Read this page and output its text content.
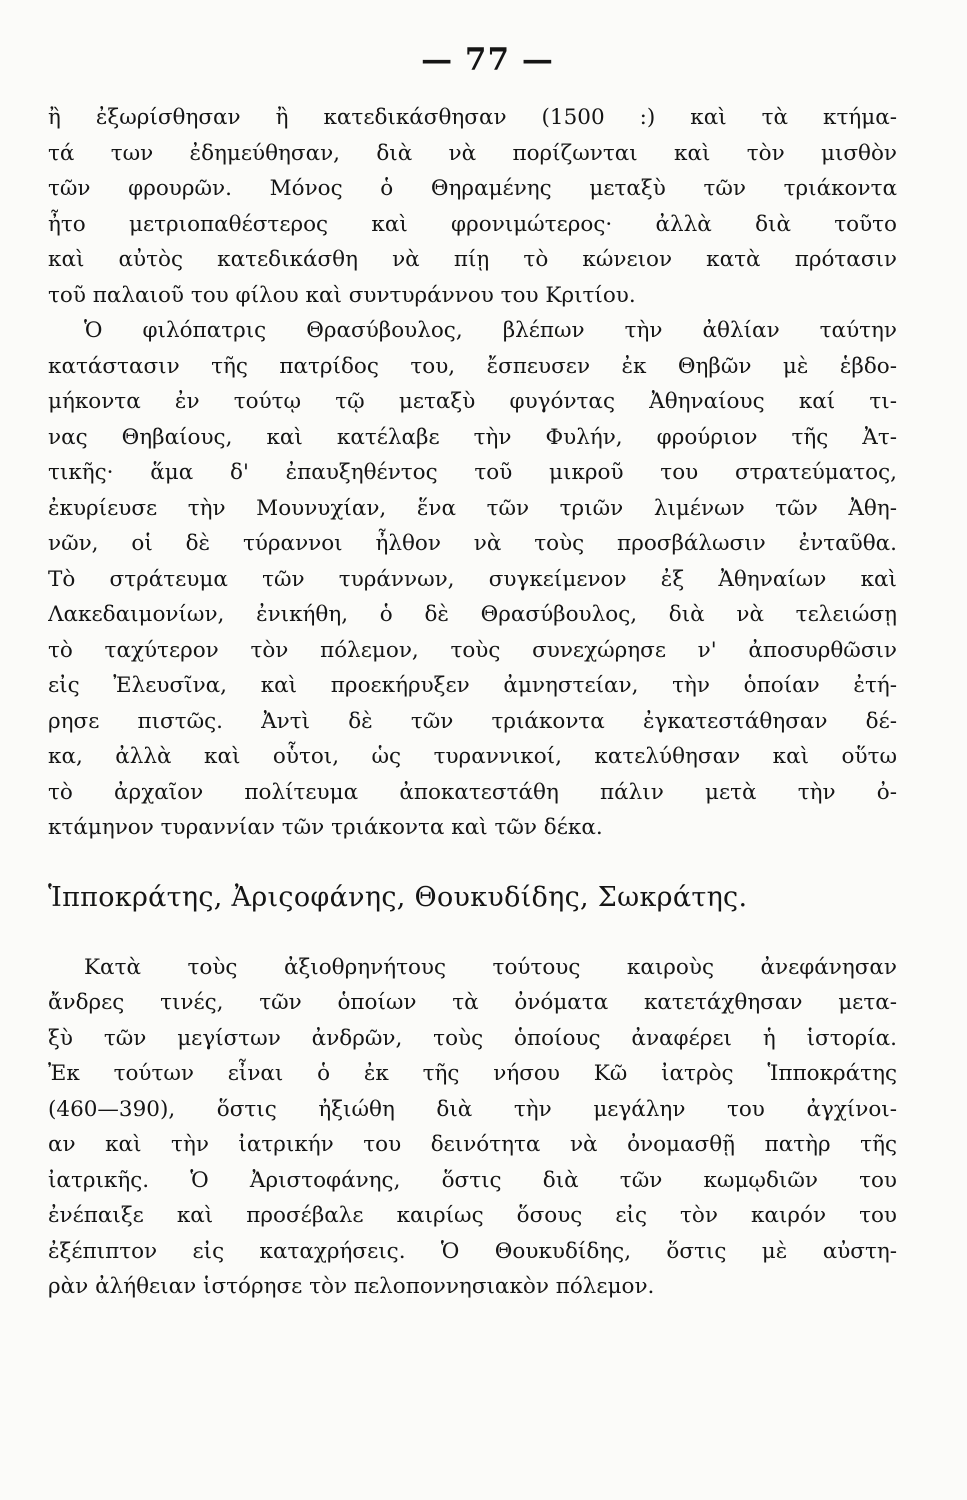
— 77 —
ἢ ἐξωρίσθησαν ἢ κατεδικάσθησαν (1500 :) καὶ τὰ κτήμα-
τά των ἐδημεύθησαν, διὰ νὰ πορίζωνται καὶ τὸν μισθὸν
τῶν φρουρῶν. Μόνος ὁ Θηραμένης μεταξὺ τῶν τριάκοντα
ἦτο μετριοπαθέστερος καὶ φρονιμώτερος· ἀλλὰ διὰ τοῦτο
καὶ αὐτὸς κατεδικάσθη νὰ πίῃ τὸ κώνειον κατὰ πρότασιν
τοῦ παλαιοῦ του φίλου καὶ συντυράννου του Κριτίου.
Ὁ φιλόπατρις Θρασύβουλος, βλέπων τὴν ἀθλίαν ταύτην
κατάστασιν τῆς πατρίδος του, ἔσπευσεν ἐκ Θηβῶν μὲ ἑβδο-
μήκοντα ἐν τούτῳ τῷ μεταξὺ φυγόντας Ἀθηναίους καί τι-
νας Θηβαίους, καὶ κατέλαβε τὴν Φυλήν, φρούριον τῆς Ἀτ-
τικῆς· ἅμα δ' ἐπαυξηθέντος τοῦ μικροῦ του στρατεύματος,
ἐκυρίευσε τὴν Μουνυχίαν, ἕνα τῶν τριῶν λιμένων τῶν Ἀθη-
νῶν, οἱ δὲ τύραννοι ἦλθον νὰ τοὺς προσβάλωσιν ἐνταῦθα.
Τὸ στράτευμα τῶν τυράννων, συγκείμενον ἐξ Ἀθηναίων καὶ
Λακεδαιμονίων, ἐνικήθη, ὁ δὲ Θρασύβουλος, διὰ νὰ τελειώσῃ
τὸ ταχύτερον τὸν πόλεμον, τοὺς συνεχώρησε ν' ἀποσυρθῶσιν
εἰς Ἐλευσῖνα, καὶ προεκήρυξεν ἀμνηστείαν, τὴν ὁποίαν ἐτή-
ρησε πιστῶς. Ἀντὶ δὲ τῶν τριάκοντα ἐγκατεστάθησαν δέ-
κα, ἀλλὰ καὶ οὗτοι, ὡς τυραννικοί, κατελύθησαν καὶ οὕτω
τὸ ἀρχαῖον πολίτευμα ἀποκατεστάθη πάλιν μετὰ τὴν ὀ-
κτάμηνον τυραννίαν τῶν τριάκοντα καὶ τῶν δέκα.
Ἱπποκράτης, Ἀριςοφάνης, Θουκυδίδης, Σωκράτης.
Κατὰ τοὺς ἀξιοθρηνήτους τούτους καιροὺς ἀνεφάνησαν
ἄνδρες τινές, τῶν ὁποίων τὰ ὀνόματα κατετάχθησαν μετα-
ξὺ τῶν μεγίστων ἀνδρῶν, τοὺς ὁποίους ἀναφέρει ἡ ἱστορία.
Ἐκ τούτων εἶναι ὁ ἐκ τῆς νήσου Κῶ ἰατρὸς Ἱπποκράτης
(460—390), ὅστις ἠξιώθη διὰ τὴν μεγάλην του ἀγχίνοι-
αν καὶ τὴν ἰατρικήν του δεινότητα νὰ ὀνομασθῇ πατὴρ τῆς
ἰατρικῆς. Ὁ Ἀριστοφάνης, ὅστις διὰ τῶν κωμῳδιῶν του
ἐνέπαιξε καὶ προσέβαλε καιρίως ὅσους εἰς τὸν καιρόν του
ἐξέπιπτον εἰς καταχρήσεις. Ὁ Θουκυδίδης, ὅστις μὲ αὐστη-
ρὰν ἀλήθειαν ἱστόρησε τὸν πελοποννησιακὸν πόλεμον.
